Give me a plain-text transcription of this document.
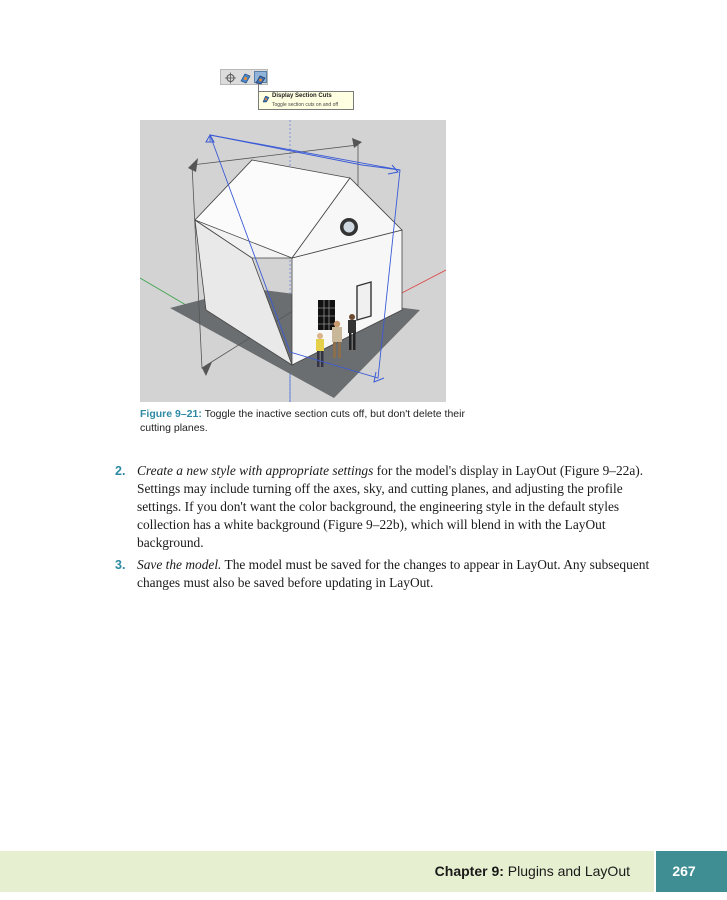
Display Section Cuts
Toggle section cuts on and off
Figure 9–21: Toggle the inactive section cuts off, but don't delete their cutting planes.
2. Create a new style with appropriate settings for the model's display in LayOut (Figure 9–22a). Settings may include turning off the axes, sky, and cutting planes, and adjusting the profile settings. If you don't want the color background, the engineering style in the default styles collection has a white background (Figure 9–22b), which will blend in with the LayOut background.
3. Save the model. The model must be saved for the changes to appear in LayOut. Any subsequent changes must also be saved before updating in LayOut.
Chapter 9: Plugins and LayOut	267
